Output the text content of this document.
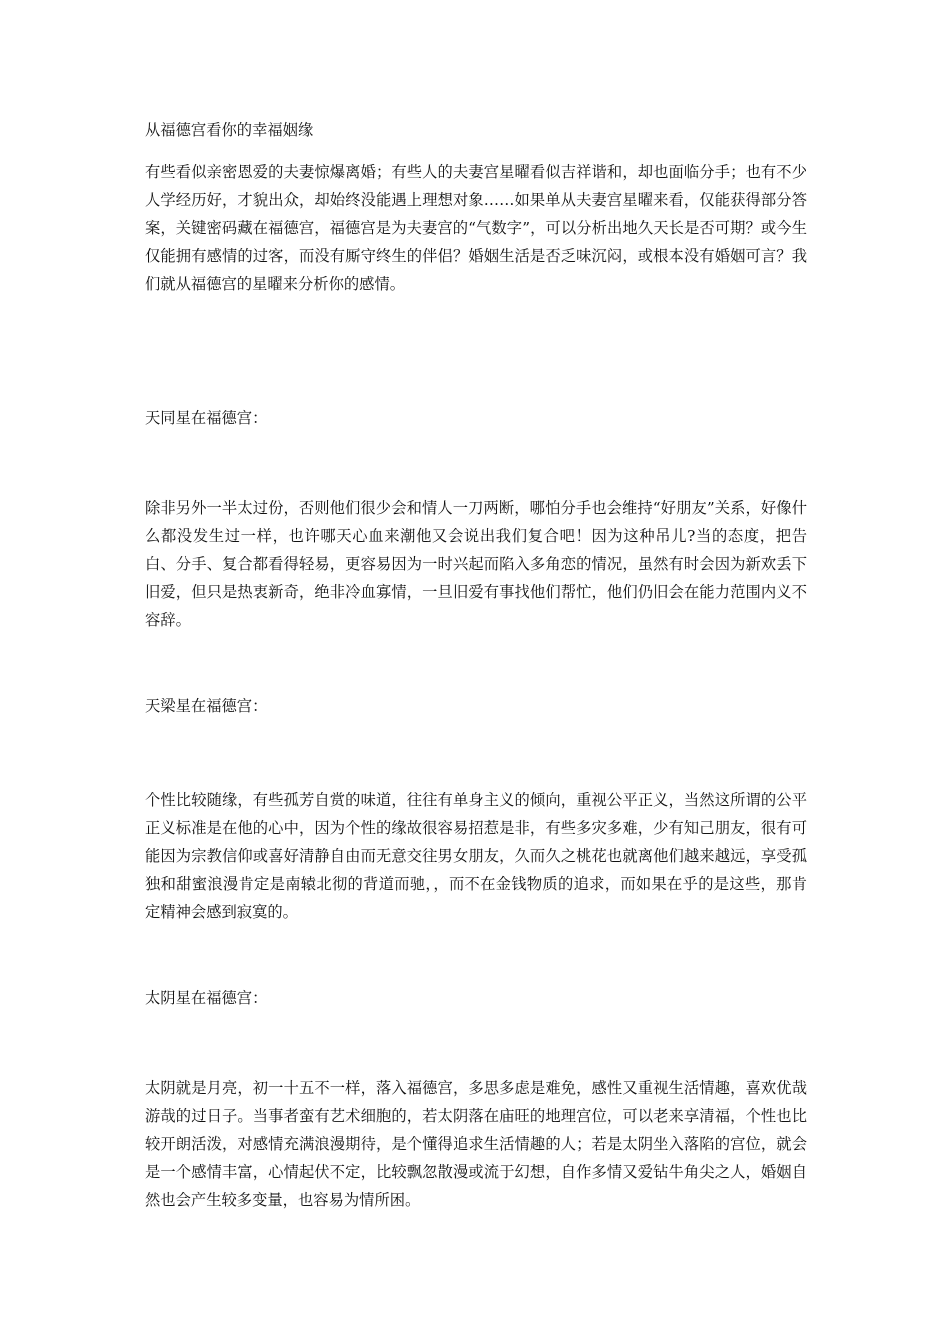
从福德宫看你的幸福姻缘

有些看似亲密恩爱的夫妻惊爆离婚；有些人的夫妻宫星曜看似吉祥谐和，却也面临分手；也有不少人学经历好，才貌出众，却始终没能遇上理想对象……如果单从夫妻宫星曜来看，仅能获得部分答案，关键密码藏在福德宫，福德宫是为夫妻宫的“气数字”，可以分析出地久天长是否可期？或今生仅能拥有感情的过客，而没有厮守终生的伴侣？婚姻生活是否乏味沉闷，或根本没有婚姻可言？我们就从福德宫的星曜来分析你的感情。

天同星在福德宫：

除非另外一半太过份，否则他们很少会和情人一刀两断，哪怕分手也会维持“好朋友”关系，好像什么都没发生过一样，也许哪天心血来潮他又会说出我们复合吧！因为这种吊儿?当的态度，把告白、分手、复合都看得轻易，更容易因为一时兴起而陷入多角恋的情况，虽然有时会因为新欢丢下旧爱，但只是热衷新奇，绝非冷血寡情，一旦旧爱有事找他们帮忙，他们仍旧会在能力范围内义不容辞。

天梁星在福德宫：

个性比较随缘，有些孤芳自赏的味道，往往有单身主义的倾向，重视公平正义，当然这所谓的公平正义标准是在他的心中，因为个性的缘故很容易招惹是非，有些多灾多难，少有知己朋友，很有可能因为宗教信仰或喜好清静自由而无意交往男女朋友，久而久之桃花也就离他们越来越远，享受孤独和甜蜜浪漫肯定是南辕北彻的背道而驰，，而不在金钱物质的追求，而如果在乎的是这些，那肯定精神会感到寂寞的。

太阴星在福德宫：

太阴就是月亮，初一十五不一样，落入福德宫，多思多虑是难免，感性又重视生活情趣，喜欢优哉游哉的过日子。当事者蛮有艺术细胞的，若太阴落在庙旺的地理宫位，可以老来享清福，个性也比较开朗活泼，对感情充满浪漫期待，是个懂得追求生活情趣的人；若是太阴坐入落陷的宫位，就会是一个感情丰富，心情起伏不定，比较飘忽散漫或流于幻想，自作多情又爱钻牛角尖之人，婚姻自然也会产生较多变量，也容易为情所困。
